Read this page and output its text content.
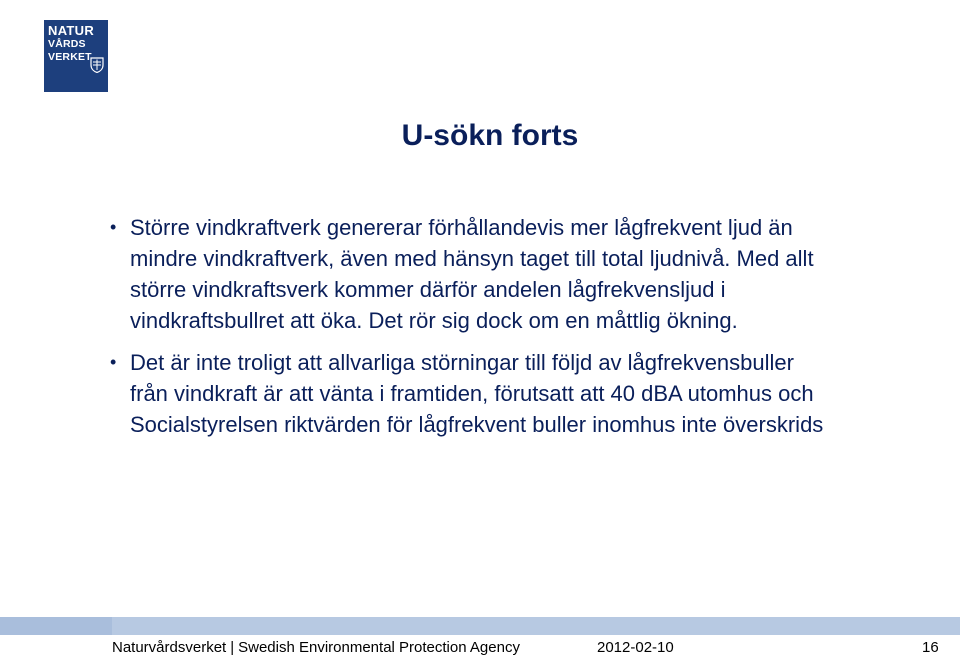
NATUR
VÅRDS
VERKET
U-sökn forts
• Större vindkraftverk genererar förhållandevis mer lågfrekvent ljud än mindre vindkraftverk, även med hänsyn taget till total ljudnivå. Med allt större vindkraftsverk kommer därför andelen lågfrekvensljud i vindkraftsbullret att öka. Det rör sig dock om en måttlig ökning.
• Det är inte troligt att allvarliga störningar till följd av lågfrekvensbuller från vindkraft är att vänta i framtiden, förutsatt att 40 dBA utomhus och Socialstyrelsen riktvärden för lågfrekvent buller inomhus inte överskrids
Naturvårdsverket | Swedish Environmental Protection Agency	2012-02-10	16
